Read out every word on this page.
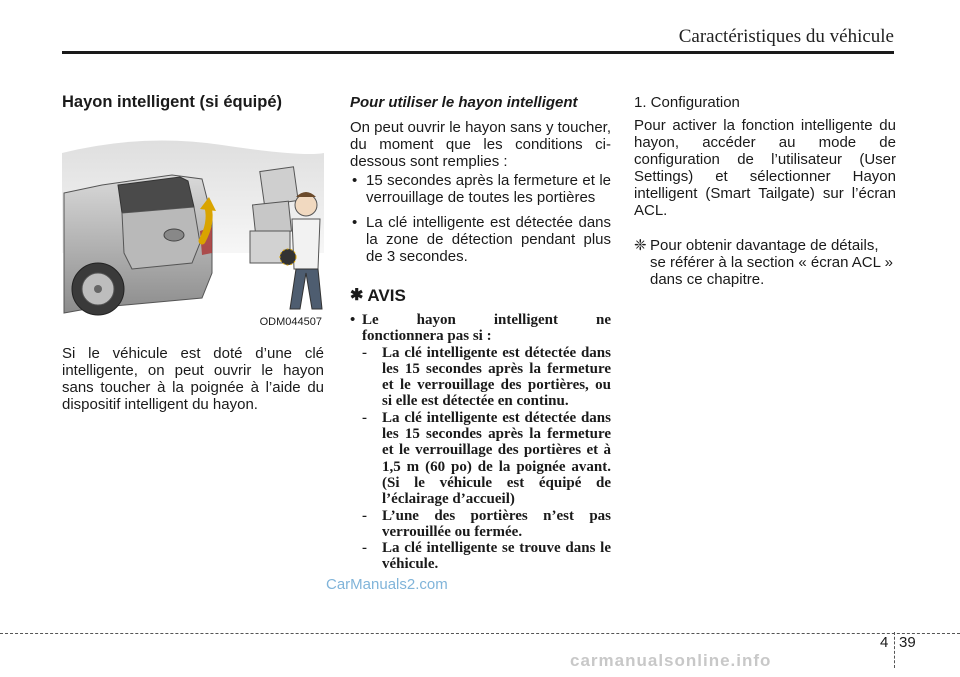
Caractéristiques du véhicule
Hayon intelligent (si équipé)
ODM044507

Si le véhicule est doté d’une clé intelligente, on peut ouvrir le hayon sans toucher à la poignée à l’aide du dispositif intelligent du hayon.

Pour utiliser le hayon intelligent

On peut ouvrir le hayon sans y toucher, du moment que les conditions ci-dessous sont remplies :

• 15 secondes après la fermeture et le verrouillage de toutes les portières
• La clé intelligente est détectée dans la zone de détection pendant plus de 3 secondes.
✱ AVIS
• Le hayon intelligent ne
fonctionnera pas si :
- La clé intelligente est détectée dans les 15 secondes après la fermeture et le verrouillage des portières, ou si elle est détectée en continu.
- La clé intelligente est détectée dans les 15 secondes après la fermeture et le verrouillage des portières et à 1,5 m (60 po) de la poignée avant. (Si le véhicule est équipé de l’éclairage d’accueil)
- L’une des portières n’est pas verrouillée ou fermée.
- La clé intelligente se trouve dans le véhicule.

1. Configuration

Pour activer la fonction intelligente du hayon, accéder au mode de configuration de l’utilisateur (User Settings) et sélectionner Hayon intelligent (Smart Tailgate) sur l’écran ACL.

❈ Pour obtenir davantage de détails, se référer à la section « écran ACL » dans ce chapitre.
CarManuals2.com
4 39
carmanualsonline.info
